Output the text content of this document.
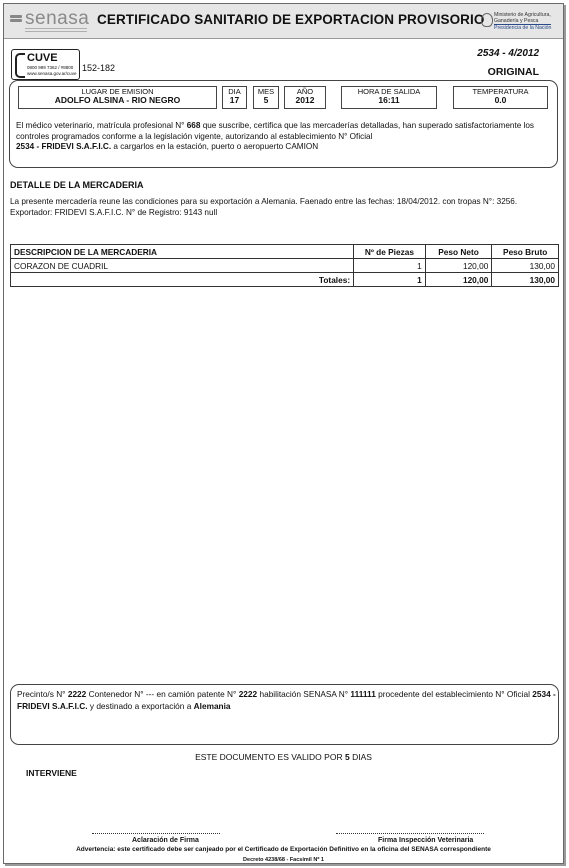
senasa CERTIFICADO SANITARIO DE EXPORTACION PROVISORIO Ministerio de Agricultura,
Ganadería y Pesca
Presidencia de la Nación
CUVE
0800 999 7362 / #8800
www.senasa.gov.ar/cuve
152-182
2534 - 4/2012
ORIGINAL
LUGAR DE EMISION
ADOLFO ALSINA - RIO NEGRO
DIA
17
MES
5
AÑO
2012
HORA DE SALIDA
16:11
TEMPERATURA
0.0
El médico veterinario, matrícula profesional N° 668 que suscribe, certifica que las mercaderías detalladas, han superado satisfactoriamente los controles programados conforme a la legislación vigente, autorizando al establecimiento N° Oficial
2534 - FRIDEVI S.A.F.I.C. a cargarlos en la estación, puerto o aeropuerto CAMION
DETALLE DE LA MERCADERIA
La presente mercadería reune las condiciones para su exportación a Alemania. Faenado entre las fechas: 18/04/2012. con tropas N°: 3256. Exportador: FRIDEVI S.A.F.I.C. N° de Registro: 9143 null
DESCRIPCION DE LA MERCADERIA	Nº de Piezas	Peso Neto	Peso Bruto
CORAZON DE CUADRIL	1	120,00	130,00
Totales:	1	120,00	130,00
Precinto/s N° 2222 Contenedor N° --- en camión patente N° 2222 habilitación SENASA N° 111111 procedente del establecimiento N° Oficial 2534 - FRIDEVI S.A.F.I.C. y destinado a exportación a Alemania
ESTE DOCUMENTO ES VALIDO POR 5 DIAS
INTERVIENE
Aclaración de Firma	Firma Inspección Veterinaria
Advertencia: este certificado debe ser canjeado por el Certificado de Exportación Definitivo en la oficina del SENASA correspondiente
Decreto 4238/68 - Facsímil Nº 1
